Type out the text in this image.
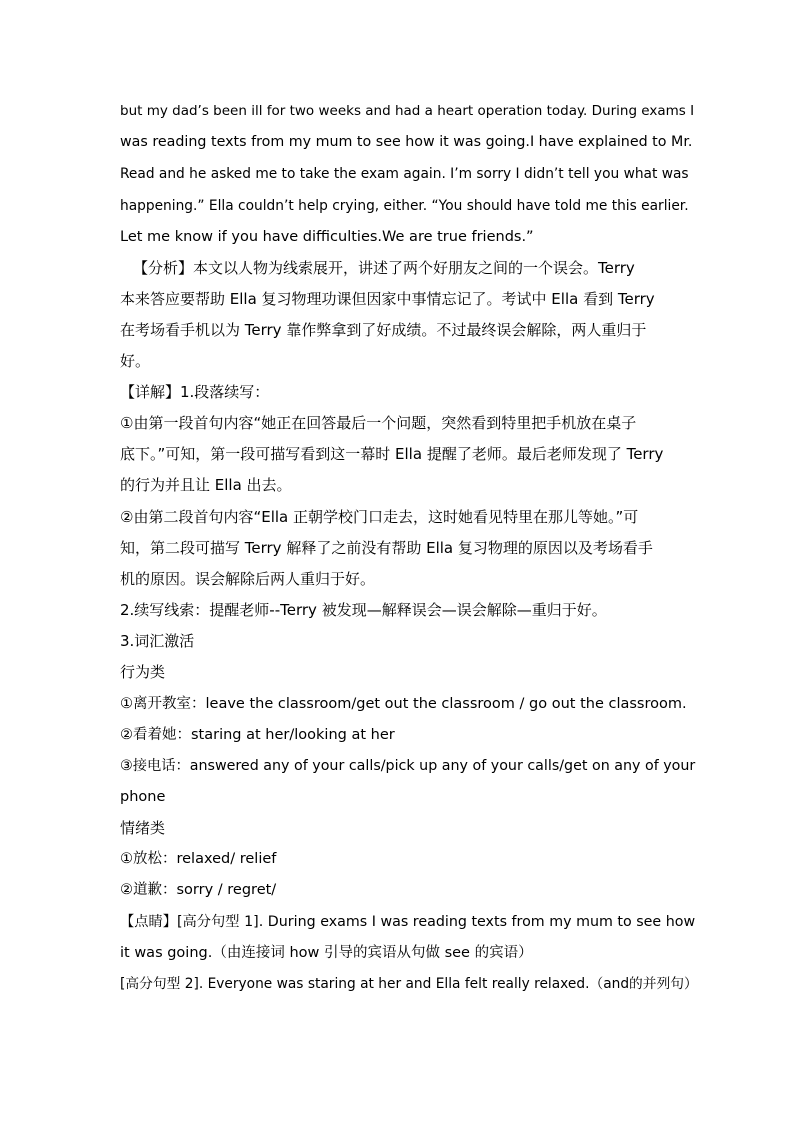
but my dad’s been ill for two weeks and had a heart operation today. During exams I
was reading texts from my mum to see how it was going.I have explained to Mr.
Read and he asked me to take the exam again. I’m sorry I didn’t tell you what was
happening.” Ella couldn’t help crying, either. “You should have told me this earlier.
Let me know if you have difficulties.We are true friends.”
【分析】本文以人物为线索展开，讲述了两个好朋友之间的一个误会。Terry
本来答应要帮助 Ella 复习物理功课但因家中事情忘记了。考试中 Ella 看到 Terry
在考场看手机以为 Terry 靠作弊拿到了好成绩。不过最终误会解除，两人重归于
好。
【详解】1.段落续写：
①由第一段首句内容“她正在回答最后一个问题，突然看到特里把手机放在桌子
底下。”可知，第一段可描写看到这一幕时 Ella 提醒了老师。最后老师发现了 Terry
的行为并且让 Ella 出去。
②由第二段首句内容“Ella 正朝学校门口走去，这时她看见特里在那儿等她。”可
知，第二段可描写 Terry 解释了之前没有帮助 Ella 复习物理的原因以及考场看手
机的原因。误会解除后两人重归于好。
2.续写线索：提醒老师--Terry 被发现—解释误会—误会解除—重归于好。
3.词汇激活
行为类
①离开教室：leave the classroom/get out the classroom / go out the classroom.
②看着她：staring at her/looking at her
③接电话：answered any of your calls/pick up any of your calls/get on any of your
phone
情绪类
①放松：relaxed/ relief
②道歉：sorry / regret/
【点睛】[高分句型 1]. During exams I was reading texts from my mum to see how
it was going.（由连接词 how 引导的宾语从句做 see 的宾语）
[高分句型 2]. Everyone was staring at her and Ella felt really relaxed.（and的并列句）
